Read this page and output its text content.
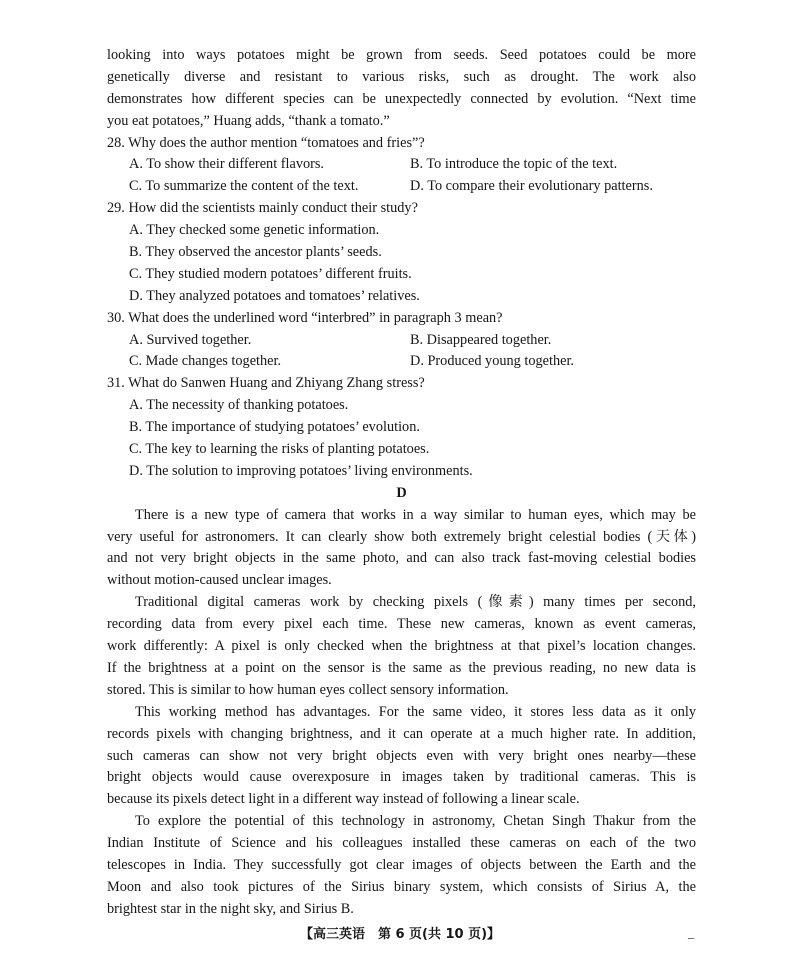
looking into ways potatoes might be grown from seeds. Seed potatoes could be more
genetically diverse and resistant to various risks, such as drought. The work also
demonstrates how different species can be unexpectedly connected by evolution. “Next time
you eat potatoes,” Huang adds, “thank a tomato.”
28. Why does the author mention “tomatoes and fries”?
A. To show their different flavors.	B. To introduce the topic of the text.
C. To summarize the content of the text.	D. To compare their evolutionary patterns.
29. How did the scientists mainly conduct their study?
A. They checked some genetic information.
B. They observed the ancestor plants’ seeds.
C. They studied modern potatoes’ different fruits.
D. They analyzed potatoes and tomatoes’ relatives.
30. What does the underlined word “interbred” in paragraph 3 mean?
A. Survived together.	B. Disappeared together.
C. Made changes together.	D. Produced young together.
31. What do Sanwen Huang and Zhiyang Zhang stress?
A. The necessity of thanking potatoes.
B. The importance of studying potatoes’ evolution.
C. The key to learning the risks of planting potatoes.
D. The solution to improving potatoes’ living environments.
D
There is a new type of camera that works in a way similar to human eyes, which may be
very useful for astronomers. It can clearly show both extremely bright celestial bodies (天体)
and not very bright objects in the same photo, and can also track fast-moving celestial bodies
without motion-caused unclear images.
Traditional digital cameras work by checking pixels (像素) many times per second,
recording data from every pixel each time. These new cameras, known as event cameras,
work differently: A pixel is only checked when the brightness at that pixel’s location changes.
If the brightness at a point on the sensor is the same as the previous reading, no new data is
stored. This is similar to how human eyes collect sensory information.
This working method has advantages. For the same video, it stores less data as it only
records pixels with changing brightness, and it can operate at a much higher rate. In addition,
such cameras can show not very bright objects even with very bright ones nearby—these
bright objects would cause overexposure in images taken by traditional cameras. This is
because its pixels detect light in a different way instead of following a linear scale.
To explore the potential of this technology in astronomy, Chetan Singh Thakur from the
Indian Institute of Science and his colleagues installed these cameras on each of the two
telescopes in India. They successfully got clear images of objects between the Earth and the
Moon and also took pictures of the Sirius binary system, which consists of Sirius A, the
brightest star in the night sky, and Sirius B.
【高三英语　第 6 页(共 10 页)】	–
